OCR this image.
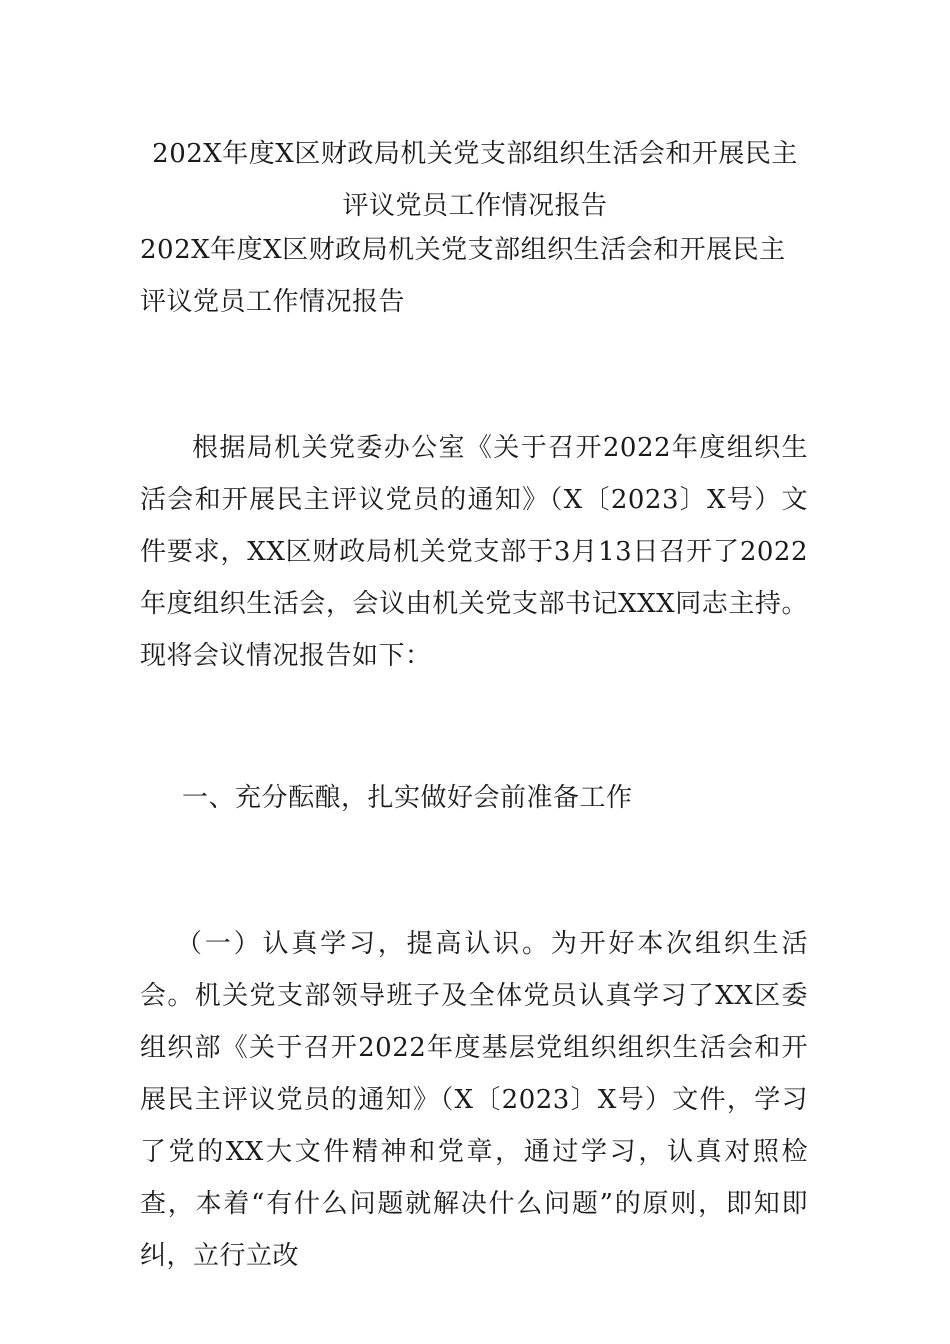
202X年度X区财政局机关党支部组织生活会和开展民主评议党员工作情况报告
202X年度X区财政局机关党支部组织生活会和开展民主评议党员工作情况报告
根据局机关党委办公室《关于召开2022年度组织生活会和开展民主评议党员的通知》（X〔2023〕X号）文件要求，XX区财政局机关党支部于3月13日召开了2022年度组织生活会，会议由机关党支部书记XXX同志主持。现将会议情况报告如下：
一、充分酝酿，扎实做好会前准备工作
（一）认真学习，提高认识。为开好本次组织生活会。机关党支部领导班子及全体党员认真学习了XX区委组织部《关于召开2022年度基层党组织组织生活会和开展民主评议党员的通知》（X〔2023〕X号）文件，学习了党的XX大文件精神和党章，通过学习，认真对照检查，本着“有什么问题就解决什么问题”的原则，即知即纠，立行立改
